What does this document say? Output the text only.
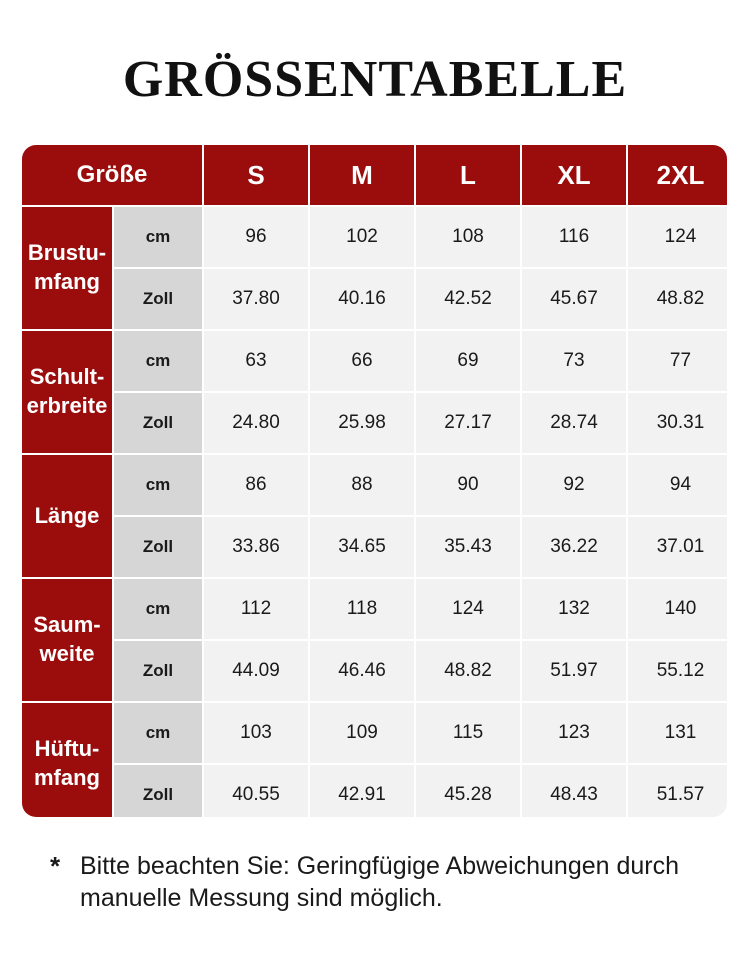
GRÖSSENTABELLE
Größe	S	M	L	XL	2XL
Brustu-
mfang
cm	96	102	108	116	124
Zoll	37.80	40.16	42.52	45.67	48.82
Schult-
erbreite
cm	63	66	69	73	77
Zoll	24.80	25.98	27.17	28.74	30.31
Länge
cm	86	88	90	92	94
Zoll	33.86	34.65	35.43	36.22	37.01
Saum-
weite
cm	112	118	124	132	140
Zoll	44.09	46.46	48.82	51.97	55.12
Hüftu-
mfang
cm	103	109	115	123	131
Zoll	40.55	42.91	45.28	48.43	51.57
* Bitte beachten Sie: Geringfügige Abweichungen durch manuelle Messung sind möglich.
